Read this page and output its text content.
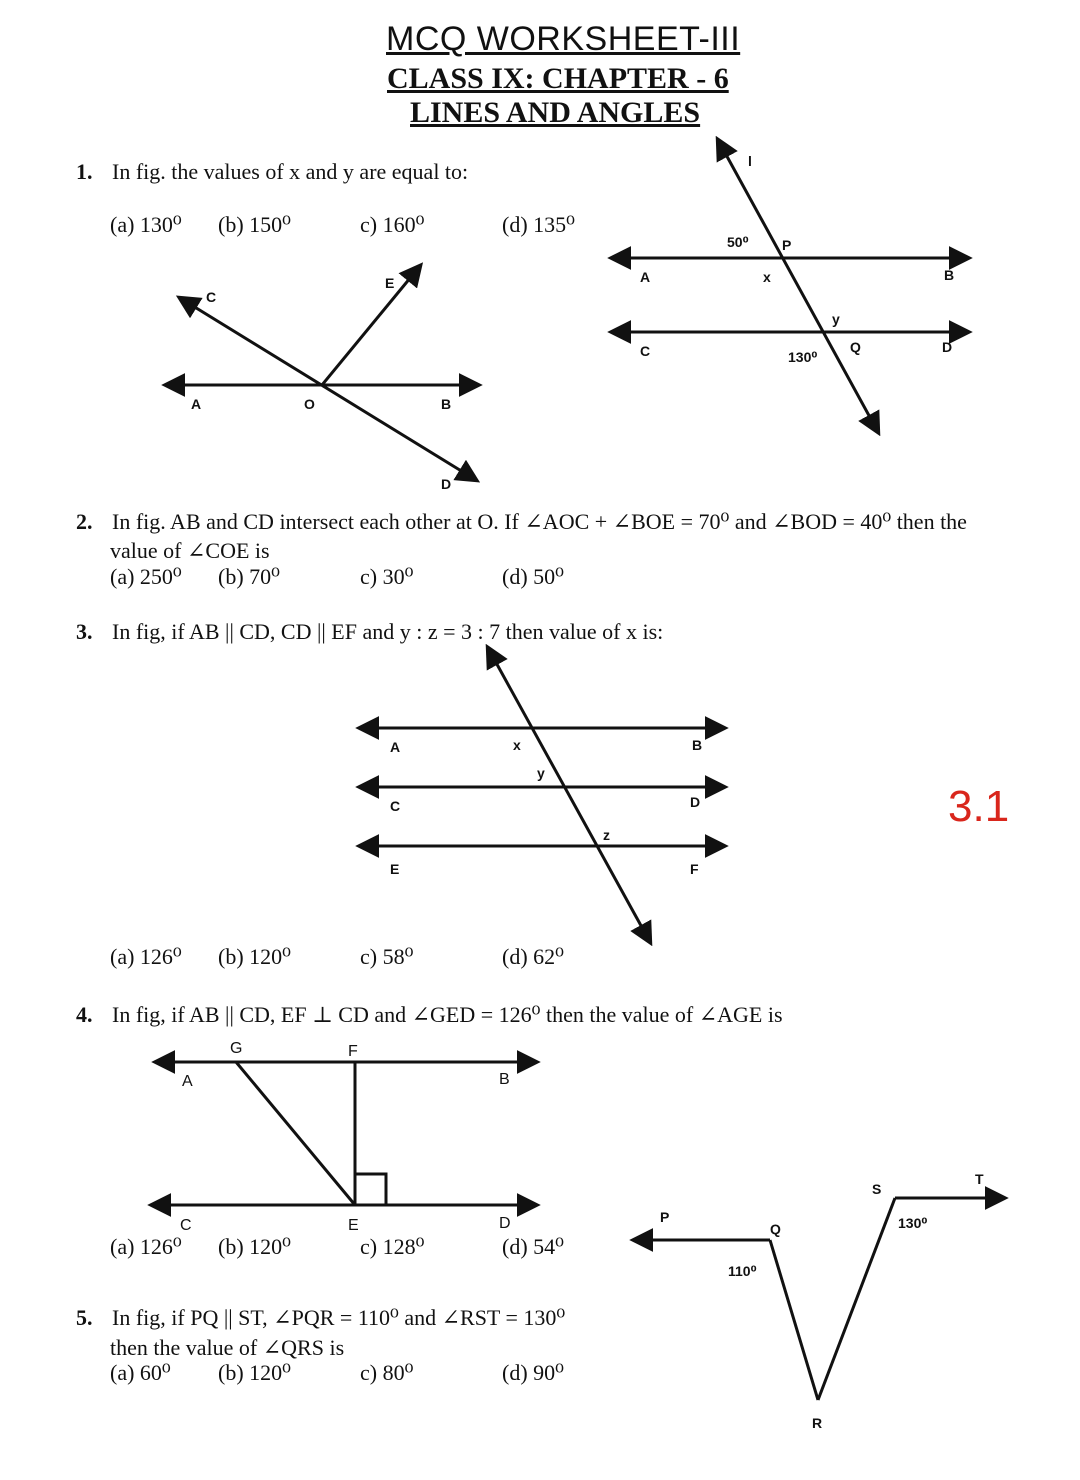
MCQ WORKSHEET-III
CLASS IX: CHAPTER - 6
LINES AND ANGLES
1. In fig. the values of x and y are equal to:
(a) 130⁰ (b) 150⁰	c) 160⁰	(d) 135⁰
2. In fig. AB and CD intersect each other at O. If ∠AOC + ∠BOE = 70⁰ and ∠BOD = 40⁰ then the
value of ∠COE is
(a) 250⁰ (b) 70⁰	c) 30⁰	(d) 50⁰
3. In fig, if AB || CD, CD || EF and y : z = 3 : 7 then value of x is:
(a) 126⁰ (b) 120⁰	c) 58⁰	(d) 62⁰
4. In fig, if AB || CD, EF ⊥ CD and ∠GED = 126⁰ then the value of ∠AGE is
(a) 126⁰ (b) 120⁰	c) 128⁰	(d) 54⁰
5. In fig, if PQ || ST, ∠PQR = 110⁰ and ∠RST = 130⁰
then the value of ∠QRS is
(a) 60⁰ (b) 120⁰	c) 80⁰	(d) 90⁰
3.1
l
50⁰ P
A	x	B
y
C	130⁰
Q	D
C
E
A	O	B
D
A	x	B
y
C	D
z
E	F
G	F
A	B
C	E	D	P
Q
110⁰
S
T
130⁰
R
